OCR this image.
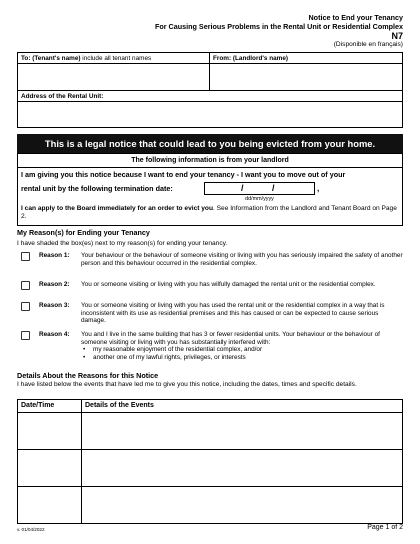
Notice to End your Tenancy
For Causing Serious Problems in the Rental Unit or Residential Complex
N7
(Disponible en français)
To: (Tenant's name) include all tenant names	From: (Landlord's name)
Address of the Rental Unit:
This is a legal notice that could lead to you being evicted from your home.
The following information is from your landlord
I am giving you this notice because I want to end your tenancy - I want you to move out of your
rental unit by the following termination date:	/	/	,
dd/mm/yyyy
I can apply to the Board immediately for an order to evict you. See Information from the Landlord and Tenant Board on Page 2.
My Reason(s) for Ending your Tenancy
I have shaded the box(es) next to my reason(s) for ending your tenancy.
Reason 1: Your behaviour or the behaviour of someone visiting or living with you has seriously impaired the safety of another person and this behaviour occurred in the residential complex.
Reason 2: You or someone visiting or living with you has wilfully damaged the rental unit or the residential complex.
Reason 3: You or someone visiting or living with you has used the rental unit or the residential complex in a way that is inconsistent with its use as residential premises and this has caused or can be expected to cause serious damage.
Reason 4: You and I live in the same building that has 3 or fewer residential units. Your behaviour or the behaviour of someone visiting or living with you has substantially interfered with:
• my reasonable enjoyment of the residential complex, and/or
• another one of my lawful rights, privileges, or interests
Details About the Reasons for this Notice
I have listed below the events that have led me to give you this notice, including the dates, times and specific details.
Date/Time	Details of the Events

v. 01/04/2022	Page 1 of 2
